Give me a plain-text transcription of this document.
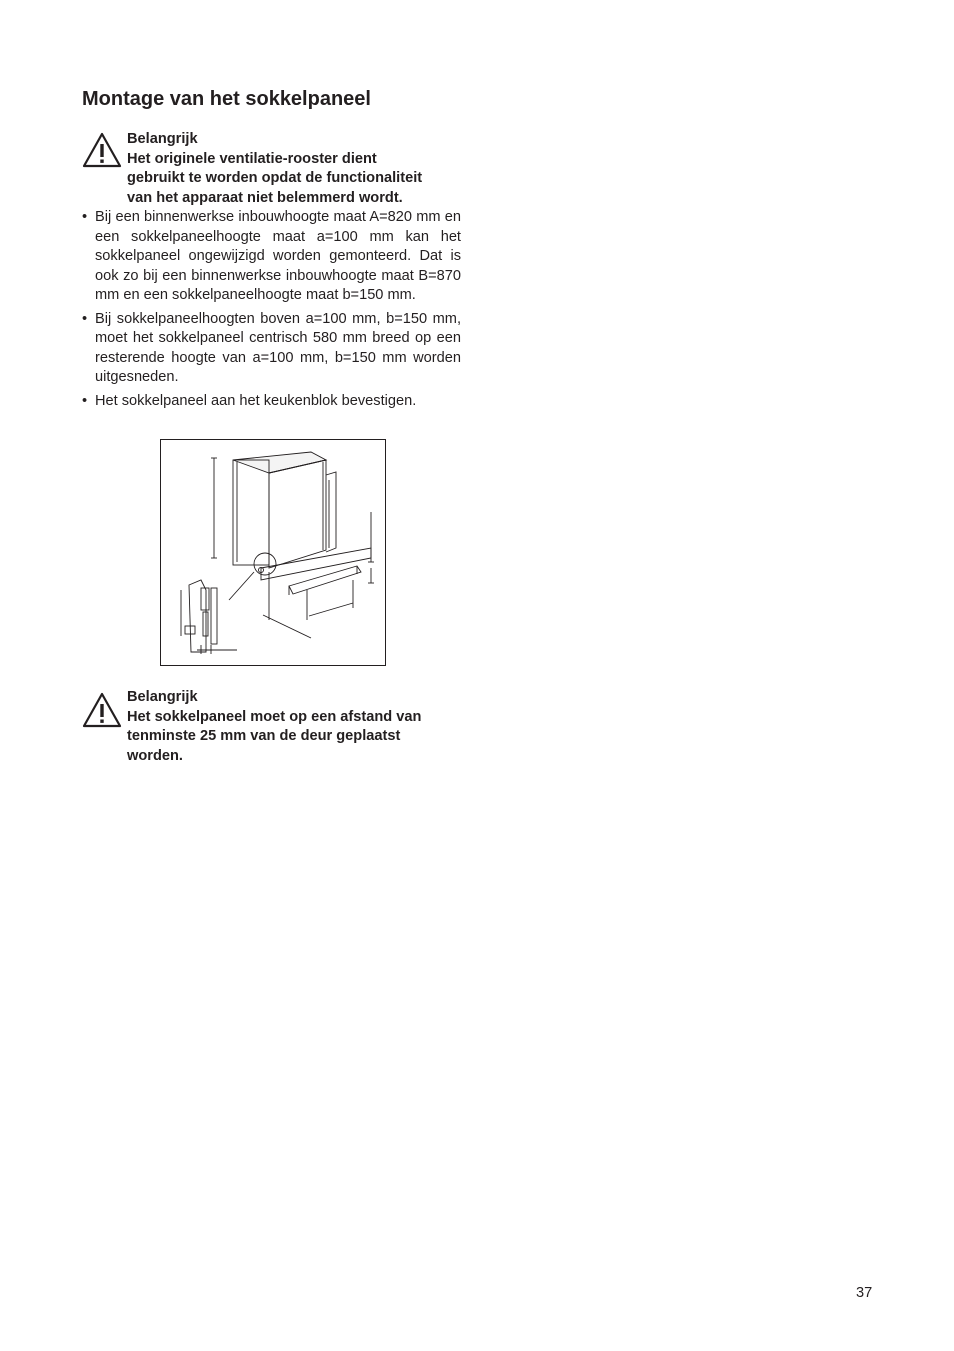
Montage van het sokkelpaneel
Belangrijk
Het originele ventilatie-rooster dient
gebruikt te worden opdat de functionaliteit
van het apparaat niet belemmerd wordt.
• Bij een binnenwerkse inbouwhoogte maat A=820 mm en een sokkelpaneelhoogte maat a=100 mm kan het sokkelpaneel ongewijzigd worden gemonteerd. Dat is ook zo bij een binnenwerkse inbouwhoogte maat B=870 mm en een sokkelpaneelhoogte maat b=150 mm.
• Bij sokkelpaneelhoogten boven a=100 mm, b=150 mm, moet het sokkelpaneel centrisch 580 mm breed op een resterende hoogte van a=100 mm, b=150 mm worden uitgesneden.
• Het sokkelpaneel aan het keukenblok bevestigen.
Belangrijk
Het sokkelpaneel moet op een afstand van
tenminste 25 mm van de deur geplaatst
worden.
37
